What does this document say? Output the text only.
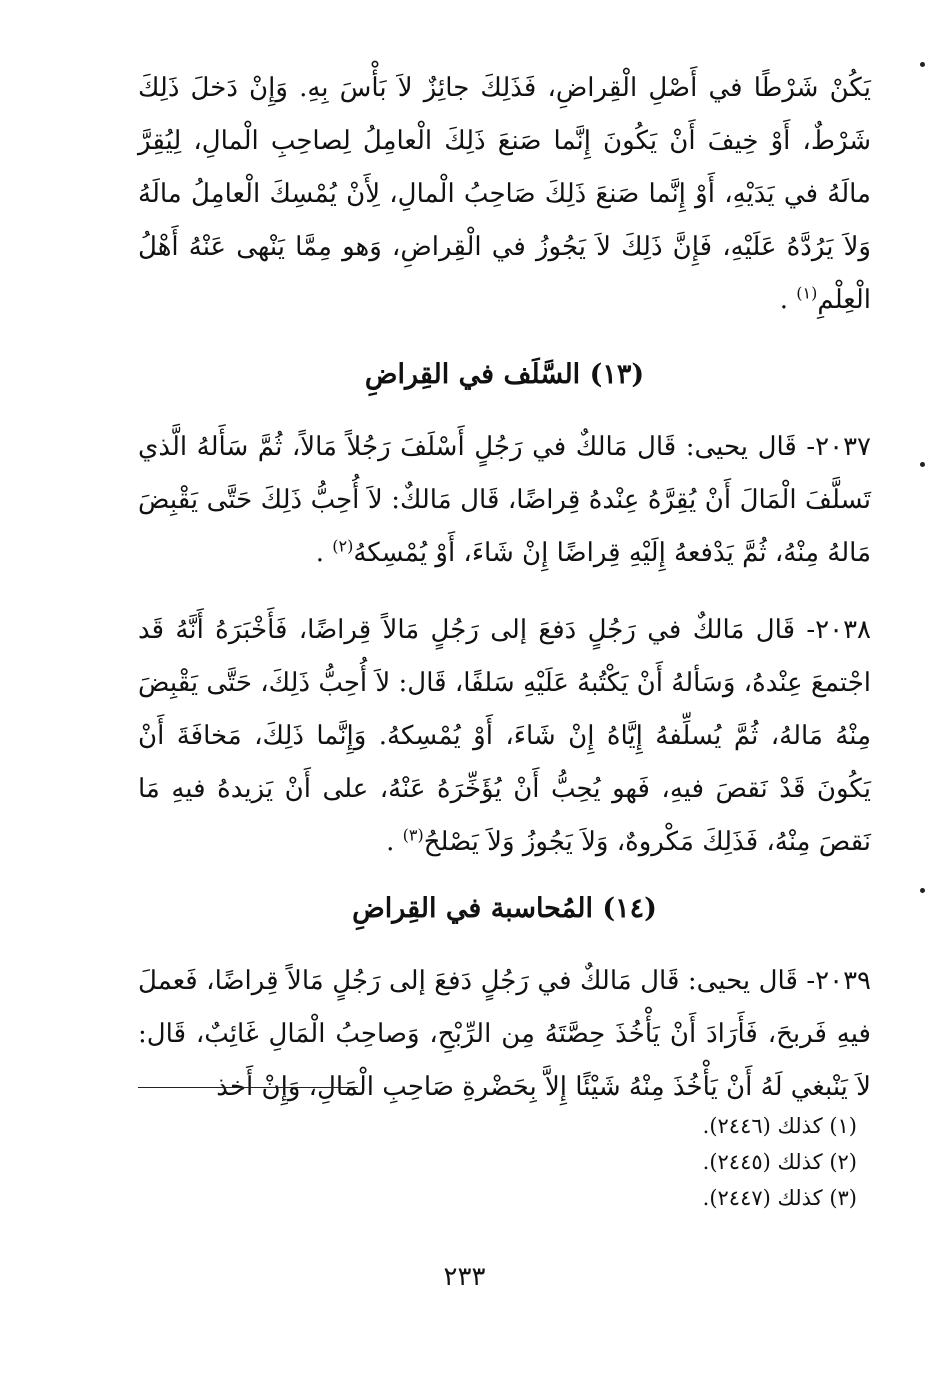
يَكُنْ شَرْطًا في أَصْلِ الْقِراضِ، فَذَلِكَ جائِزٌ لاَ بَأْسَ بِهِ. وَإِنْ دَخلَ ذَلِكَ شَرْطٌ، أَوْ خِيفَ أَنْ يَكُونَ إِنَّما صَنعَ ذَلِكَ الْعامِلُ لِصاحِبِ الْمالِ، لِيُقِرَّ مالَهُ في يَدَيْهِ، أَوْ إِنَّما صَنعَ ذَلِكَ صَاحِبُ الْمالِ، لِأَنْ يُمْسِكَ الْعامِلُ مالَهُ وَلاَ يَرُدَّهُ عَلَيْهِ، فَإِنَّ ذَلِكَ لاَ يَجُوزُ في الْقِراضِ، وَهو مِمَّا يَنْهى عَنْهُ أَهْلُ الْعِلْمِ$^{(١)}$ .

(١٣) السَّلَف في القِراضِ

٢٠٣٧- قَال يحيى: قَال مَالكٌ في رَجُلٍ أَسْلَفَ رَجُلاً مَالاً، ثُمَّ سَأَلهُ الَّذي تَسلَّفَ الْمَالَ أَنْ يُقِرَّهُ عِنْدهُ قِراضًا، قَال مَالكٌ: لاَ أُحِبُّ ذَلِكَ حَتَّى يَقْبِضَ مَالهُ مِنْهُ، ثُمَّ يَدْفعهُ إِلَيْهِ قِراضًا إِنْ شَاءَ، أَوْ يُمْسِكهُ$^{(٢)}$ .

٢٠٣٨- قَال مَالكٌ في رَجُلٍ دَفعَ إلى رَجُلٍ مَالاً قِراضًا، فَأَخْبَرَهُ أَنَّهُ قَد اجْتمعَ عِنْدهُ، وَسَألهُ أَنْ يَكْتُبهُ عَلَيْهِ سَلفًا، قَال: لاَ أُحِبُّ ذَلِكَ، حَتَّى يَقْبِضَ مِنْهُ مَالهُ، ثُمَّ يُسلِّفهُ إِيَّاهُ إِنْ شَاءَ، أَوْ يُمْسِكهُ. وَإِنَّما ذَلِكَ، مَخافَةَ أَنْ يَكُونَ قَدْ نَقصَ فيهِ، فَهو يُحِبُّ أَنْ يُؤَخِّرَهُ عَنْهُ، على أَنْ يَزيدهُ فيهِ مَا نَقصَ مِنْهُ، فَذَلِكَ مَكْروهٌ، وَلاَ يَجُوزُ وَلاَ يَصْلحُ$^{(٣)}$ .

(١٤) المُحاسبة في القِراضِ

٢٠٣٩- قَال يحيى: قَال مَالكٌ في رَجُلٍ دَفعَ إلى رَجُلٍ مَالاً قِراضًا، فَعملَ فيهِ فَربحَ، فَأَرَادَ أَنْ يَأْخُذَ حِصَّتَهُ مِن الرِّبْحِ، وَصاحِبُ الْمَالِ غَائِبٌ، قَال: لاَ يَنْبغي لَهُ أَنْ يَأْخُذَ مِنْهُ شَيْئًا إِلاَّ بِحَضْرةِ صَاحِبِ الْمَالِ، وَإِنْ أَخذ

(١) كذلك (٢٤٤٦).

(٢) كذلك (٢٤٤٥).

(٣) كذلك (٢٤٤٧).

٢٣٣
